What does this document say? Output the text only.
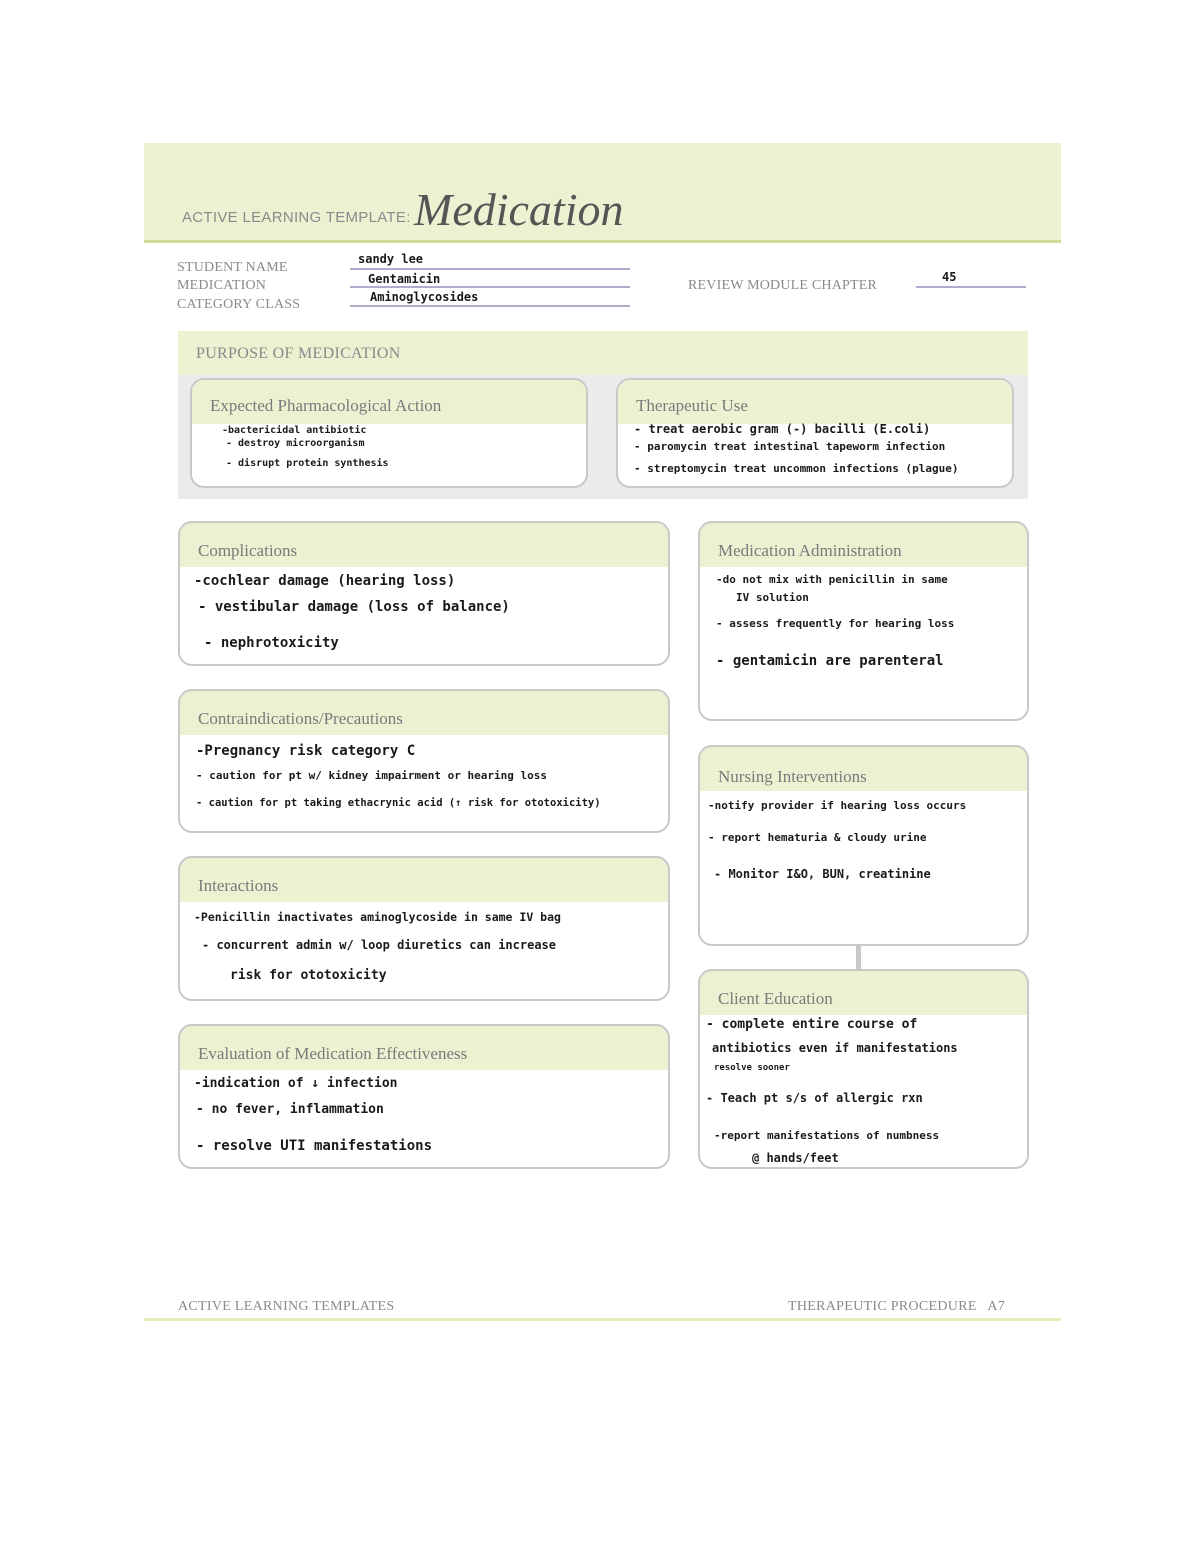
ACTIVE LEARNING TEMPLATE: Medication
STUDENT NAME
MEDICATION
CATEGORY CLASS
sandy lee
Gentamicin
Aminoglycosides
REVIEW MODULE CHAPTER
45
PURPOSE OF MEDICATION
Expected Pharmacological Action
-bactericidal antibiotic
- destroy microorganism
- disrupt protein synthesis
Therapeutic Use
- treat aerobic gram (-) bacilli (E.coli)
- paromycin treat intestinal tapeworm infection
- streptomycin treat uncommon infections (plague)
Complications
-cochlear damage (hearing loss)
- vestibular damage (loss of balance)
- nephrotoxicity
Contraindications/Precautions
-Pregnancy risk category C
- caution for pt w/ kidney impairment or hearing loss
- caution for pt taking ethacrynic acid (↑ risk for ototoxicity)
Interactions
-Penicillin inactivates aminoglycoside in same IV bag
- concurrent admin w/ loop diuretics can increase
risk for ototoxicity
Evaluation of Medication Effectiveness
-indication of ↓ infection
- no fever, inflammation
- resolve UTI manifestations
Medication Administration
-do not mix with penicillin in same
IV solution
- assess frequently for hearing loss
- gentamicin are parenteral
Nursing Interventions
-notify provider if hearing loss occurs
- report hematuria & cloudy urine
- Monitor I&O, BUN, creatinine
Client Education
- complete entire course of
antibiotics even if manifestations
resolve sooner
- Teach pt s/s of allergic rxn
-report manifestations of numbness
@ hands/feet
ACTIVE LEARNING TEMPLATES	THERAPEUTIC PROCEDURE   A7
